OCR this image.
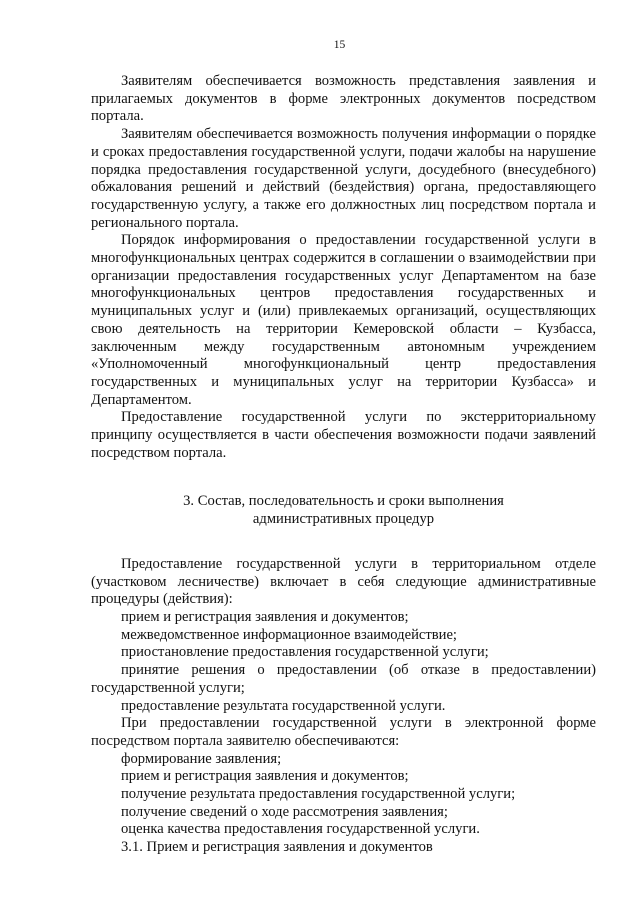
15

Заявителям обеспечивается возможность представления заявления и прилагаемых документов в форме электронных документов посредством портала.

Заявителям обеспечивается возможность получения информации о порядке и сроках предоставления государственной услуги, подачи жалобы на нарушение порядка предоставления государственной услуги, досудебного (внесудебного) обжалования решений и действий (бездействия) органа, предоставляющего государственную услугу, а также его должностных лиц посредством портала и регионального портала.

Порядок информирования о предоставлении государственной услуги в многофункциональных центрах содержится в соглашении о взаимодействии при организации предоставления государственных услуг Департаментом на базе многофункциональных центров предоставления государственных и муниципальных услуг и (или) привлекаемых организаций, осуществляющих свою деятельность на территории Кемеровской области – Кузбасса, заключенным между государственным автономным учреждением «Уполномоченный многофункциональный центр предоставления государственных и муниципальных услуг на территории Кузбасса» и Департаментом.

Предоставление государственной услуги по экстерриториальному принципу осуществляется в части обеспечения возможности подачи заявлений посредством портала.

3. Состав, последовательность и сроки выполнения
административных процедур

Предоставление государственной услуги в территориальном отделе (участковом лесничестве) включает в себя следующие административные процедуры (действия):

прием и регистрация заявления и документов;

межведомственное информационное взаимодействие;

приостановление предоставления государственной услуги;

принятие решения о предоставлении (об отказе в предоставлении) государственной услуги;

предоставление результата государственной услуги.

При предоставлении государственной услуги в электронной форме посредством портала заявителю обеспечиваются:

формирование заявления;

прием и регистрация заявления и документов;

получение результата предоставления государственной услуги;

получение сведений о ходе рассмотрения заявления;

оценка качества предоставления государственной услуги.

3.1. Прием и регистрация заявления и документов
